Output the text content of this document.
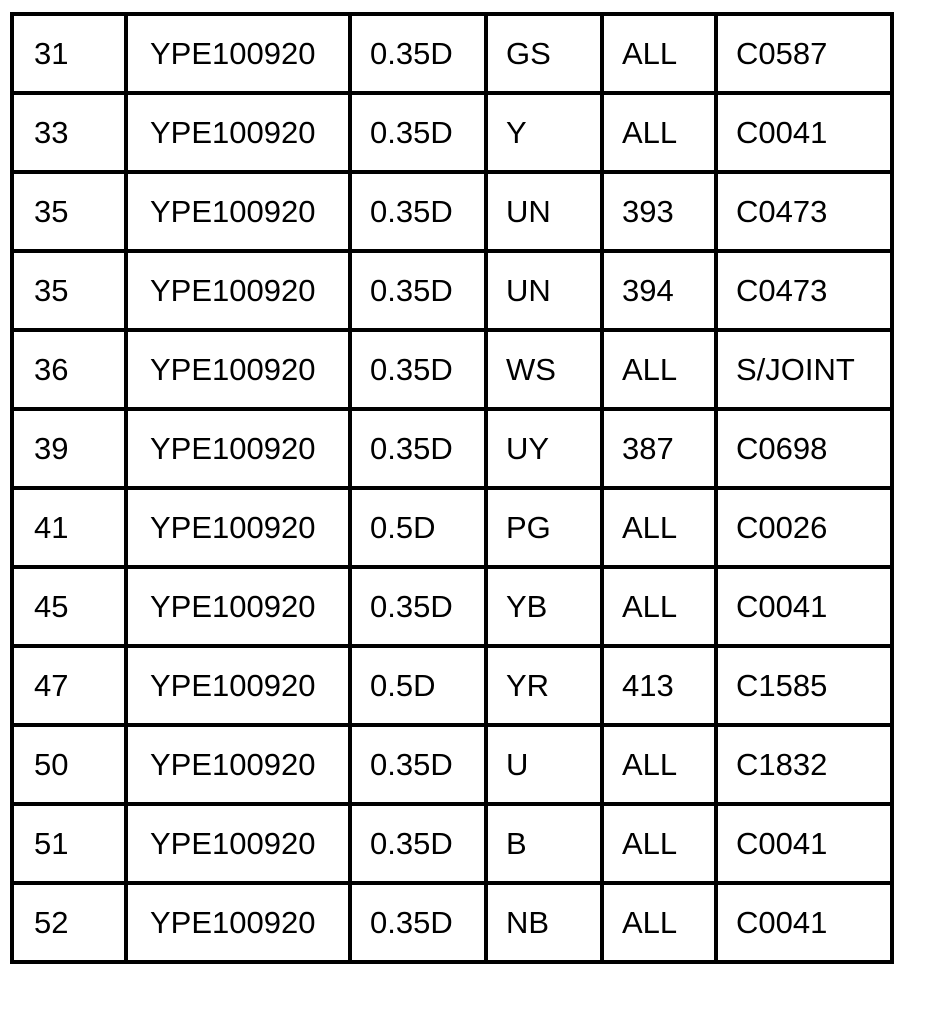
31	YPE100920	0.35D	GS	ALL	C0587
33	YPE100920	0.35D	Y	ALL	C0041
35	YPE100920	0.35D	UN	393	C0473
35	YPE100920	0.35D	UN	394	C0473
36	YPE100920	0.35D	WS	ALL	S/JOINT
39	YPE100920	0.35D	UY	387	C0698
41	YPE100920	0.5D	PG	ALL	C0026
45	YPE100920	0.35D	YB	ALL	C0041
47	YPE100920	0.5D	YR	413	C1585
50	YPE100920	0.35D	U	ALL	C1832
51	YPE100920	0.35D	B	ALL	C0041
52	YPE100920	0.35D	NB	ALL	C0041
